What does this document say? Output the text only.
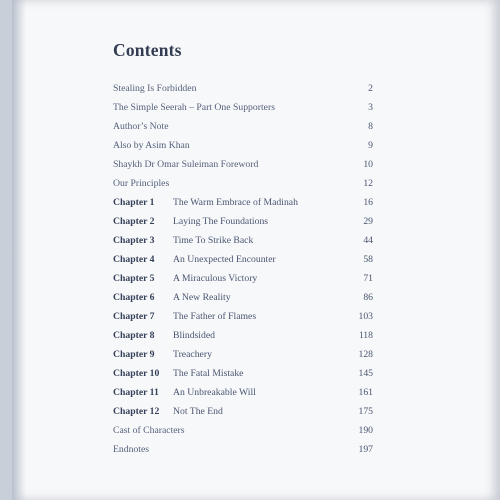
Contents
Stealing Is Forbidden	2
The Simple Seerah – Part One Supporters	3
Author’s Note	8
Also by Asim Khan	9
Shaykh Dr Omar Suleiman Foreword	10
Our Principles	12
Chapter 1 The Warm Embrace of Madinah	16
Chapter 2 Laying The Foundations	29
Chapter 3 Time To Strike Back	44
Chapter 4 An Unexpected Encounter	58
Chapter 5 A Miraculous Victory	71
Chapter 6 A New Reality	86
Chapter 7 The Father of Flames	103
Chapter 8 Blindsided	118
Chapter 9 Treachery	128
Chapter 10 The Fatal Mistake	145
Chapter 11 An Unbreakable Will	161
Chapter 12 Not The End	175
Cast of Characters	190
Endnotes	197
